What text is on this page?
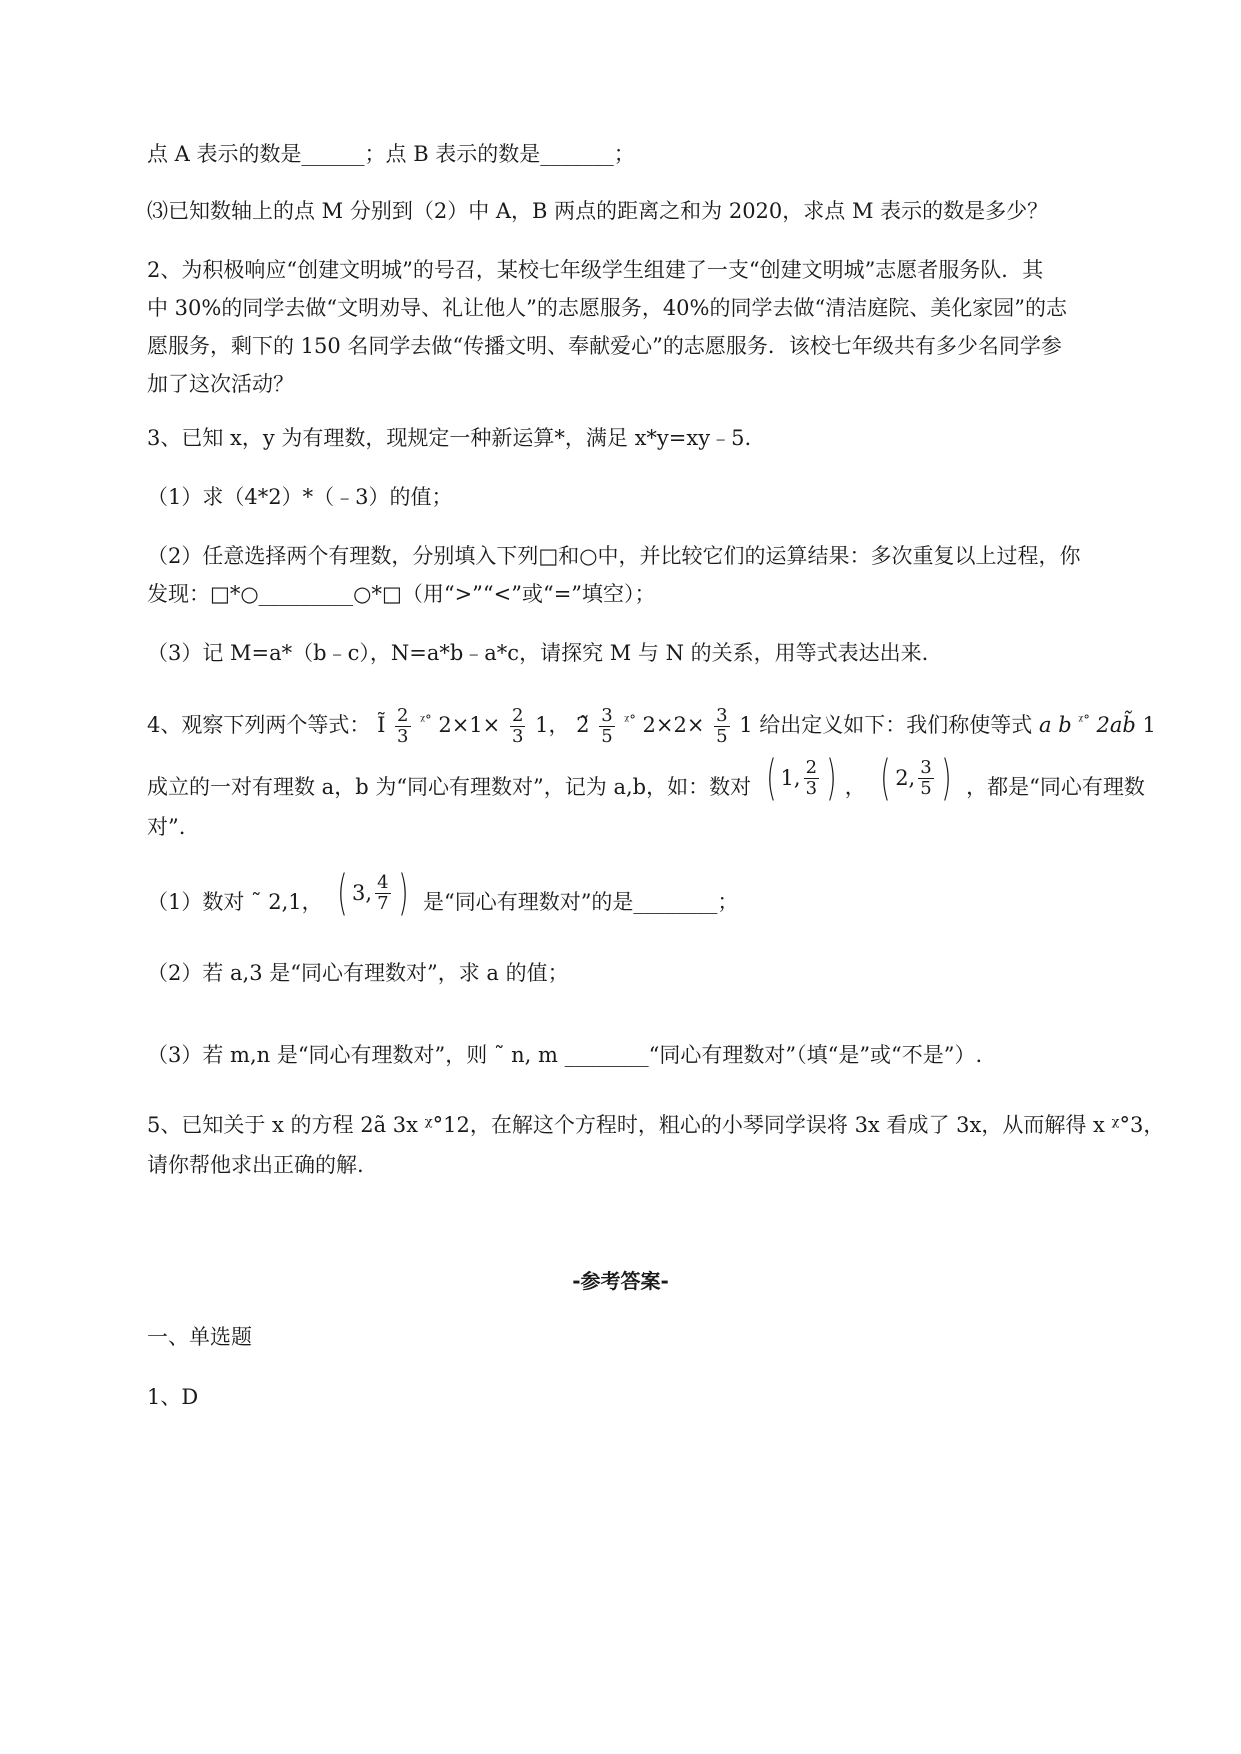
点 A 表示的数是______；点 B 表示的数是_______；
⑶已知数轴上的点 M 分别到（2）中 A，B 两点的距离之和为 2020，求点 M 表示的数是多少？
2、为积极响应“创建文明城”的号召，某校七年级学生组建了一支“创建文明城”志愿者服务队．其
中 30%的同学去做“文明劝导、礼让他人”的志愿服务，40%的同学去做“清洁庭院、美化家园”的志
愿服务，剩下的 150 名同学去做“传播文明、奉献爱心”的志愿服务．该校七年级共有多少名同学参
加了这次活动？
3、已知 x，y 为有理数，现规定一种新运算*，满足 x*y=xy﹣5.
（1）求（4*2）*（﹣3）的值；
（2）任意选择两个有理数，分别填入下列□和○中，并比较它们的运算结果：多次重复以上过程，你
发现：□*○_________○*□（用“>”“<”或“=”填空）；
（3）记 M=a*（b﹣c），N=a*b﹣a*c，请探究 M 与 N 的关系，用等式表达出来.
4、观察下列两个等式： Ĩ $\frac{2}{3} ^{ᵡ^\circ}$ $2\times 1\times \frac{2}{3} 1$， 2̃ $\frac{3}{5} ^{ᵡ^\circ}$ $2\times 2\times \frac{3}{5} 1$ 给出定义如下：我们称使等式 a b $^{ᵡ^\circ}$ 2ab̃ 1
成立的一对有理数 a，b 为“同心有理数对”，记为 a,b，如：数对 ( 1, $\frac{2}{3}$ ) ， ( 2, $\frac{3}{5}$ ) ，都是“同心有理数
对”.
（1）数对 ˜ 2,1， ( 3, $\frac{4}{7}$ ) 是“同心有理数对”的是________；
（2）若 a,3 是“同心有理数对”，求 a 的值；
（3）若 m,n 是“同心有理数对”，则 ˜ n, m ________“同心有理数对”（填“是”或“不是”）.
5、已知关于 x 的方程 2ã 3x ᵡ°12，在解这个方程时，粗心的小琴同学误将 3x 看成了 3x，从而解得 x ᵡ°3，
请你帮他求出正确的解.
-参考答案-
一、单选题
1、D
